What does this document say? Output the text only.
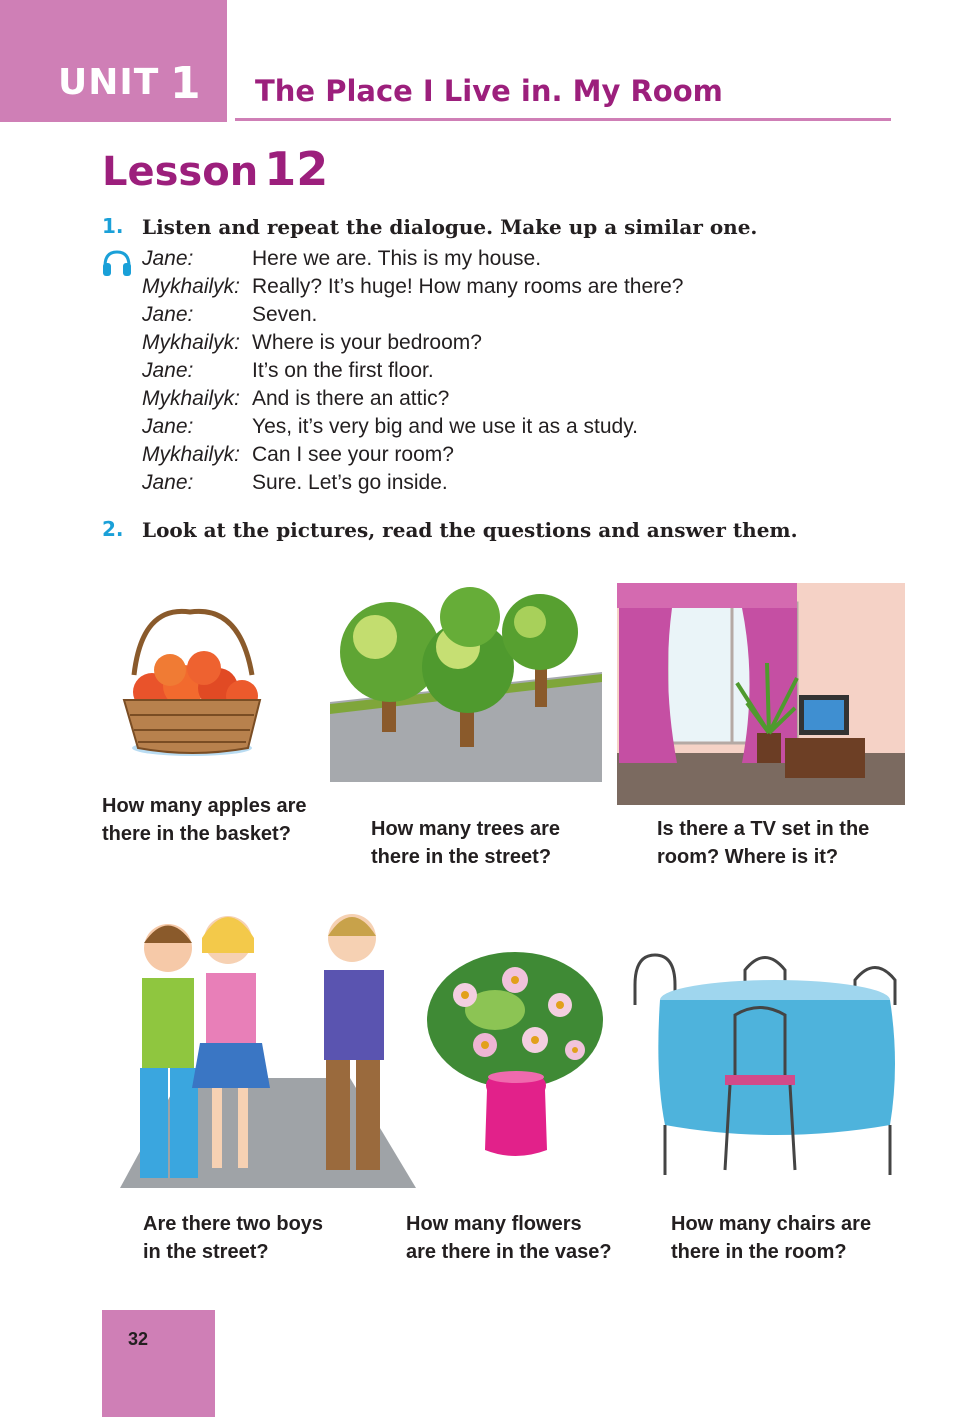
UNIT 1 The Place I Live in. My Room
Lesson 12
1. Listen and repeat the dialogue. Make up a similar one.
Jane:	Here we are. This is my house.
Mykhailyk: Really? It’s huge! How many rooms are there?
Jane:	Seven.
Mykhailyk: Where is your bedroom?
Jane:	It’s on the first floor.
Mykhailyk: And is there an attic?
Jane:	Yes, it’s very big and we use it as a study.
Mykhailyk: Can I see your room?
Jane:	Sure. Let’s go inside.
2. Look at the pictures, read the questions and answer them.
How many apples are
there in the basket?	How many trees are
there in the street?
Is there a TV set in the
room? Where is it?
Are there two boys
in the street?
How many flowers
are there in the vase?
How many chairs are
there in the room?
32
